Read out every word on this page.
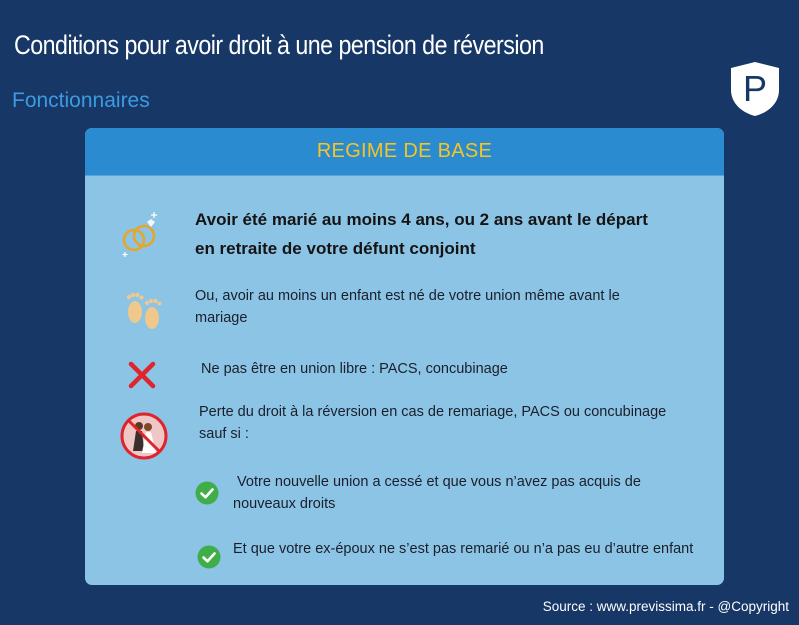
Conditions pour avoir droit à une pension de réversion
Fonctionnaires	P
REGIME DE BASE
Avoir été marié au moins 4 ans, ou 2 ans avant le départ en retraite de votre défunt conjoint
Ou, avoir au moins un enfant est né de votre union même avant le mariage
Ne pas être en union libre : PACS, concubinage
Perte du droit à la réversion en cas de remariage, PACS ou concubinage sauf si :
Votre nouvelle union a cessé et que vous n’avez pas acquis de nouveaux droits
Et que votre ex-époux ne s’est pas remarié ou n’a pas eu d’autre enfant
Source : www.previssima.fr - @Copyright
